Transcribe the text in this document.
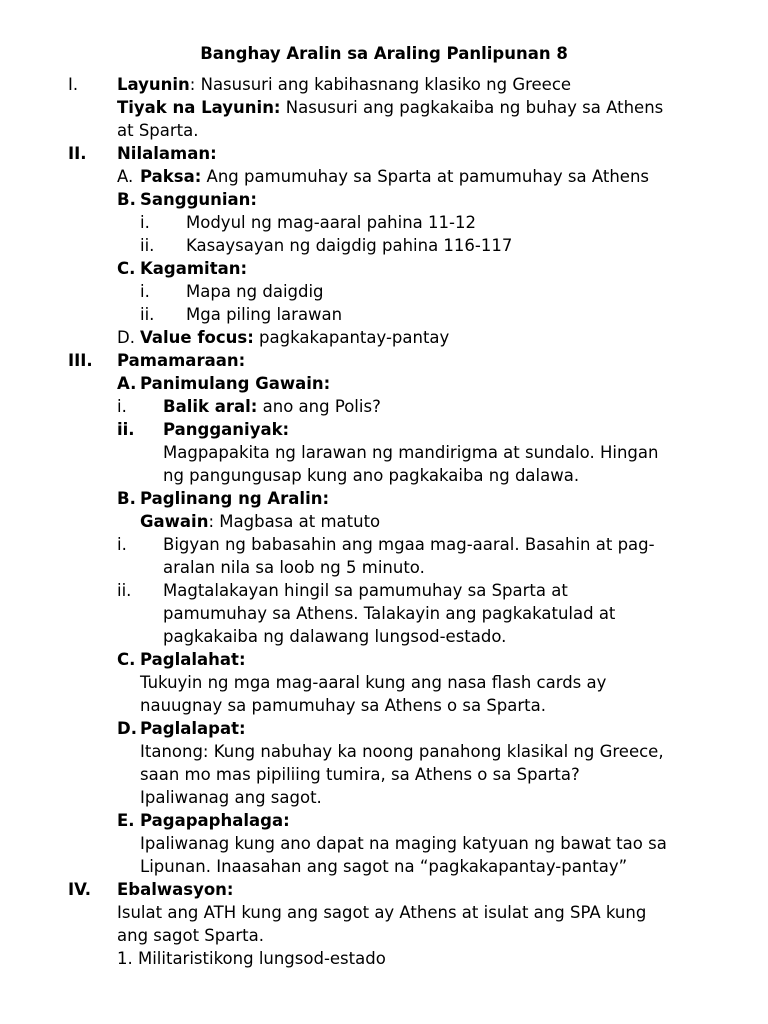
Banghay Aralin sa Araling Panlipunan 8
I. Layunin: Nasusuri ang kabihasnang klasiko ng Greece
Tiyak na Layunin: Nasusuri ang pagkakaiba ng buhay sa Athens
at Sparta.
II. Nilalaman:
A. Paksa: Ang pamumuhay sa Sparta at pamumuhay sa Athens
B. Sanggunian:
i. Modyul ng mag-aaral pahina 11-12
ii. Kasaysayan ng daigdig pahina 116-117
C. Kagamitan:
i. Mapa ng daigdig
ii. Mga piling larawan
D. Value focus: pagkakapantay-pantay
III. Pamamaraan:
A. Panimulang Gawain:
i. Balik aral: ano ang Polis?
ii. Pangganiyak:
Magpapakita ng larawan ng mandirigma at sundalo. Hingan
ng pangungusap kung ano pagkakaiba ng dalawa.
B. Paglinang ng Aralin:
Gawain: Magbasa at matuto
i. Bigyan ng babasahin ang mgaa mag-aaral. Basahin at pag-
aralan nila sa loob ng 5 minuto.
ii. Magtalakayan hingil sa pamumuhay sa Sparta at
pamumuhay sa Athens. Talakayin ang pagkakatulad at
pagkakaiba ng dalawang lungsod-estado.
C. Paglalahat:
Tukuyin ng mga mag-aaral kung ang nasa flash cards ay
nauugnay sa pamumuhay sa Athens o sa Sparta.
D. Paglalapat:
Itanong: Kung nabuhay ka noong panahong klasikal ng Greece,
saan mo mas pipiliing tumira, sa Athens o sa Sparta?
Ipaliwanag ang sagot.
E. Pagapaphalaga:
Ipaliwanag kung ano dapat na maging katyuan ng bawat tao sa
Lipunan. Inaasahan ang sagot na “pagkakapantay-pantay”
IV. Ebalwasyon:
Isulat ang ATH kung ang sagot ay Athens at isulat ang SPA kung
ang sagot Sparta.
1. Militaristikong lungsod-estado
